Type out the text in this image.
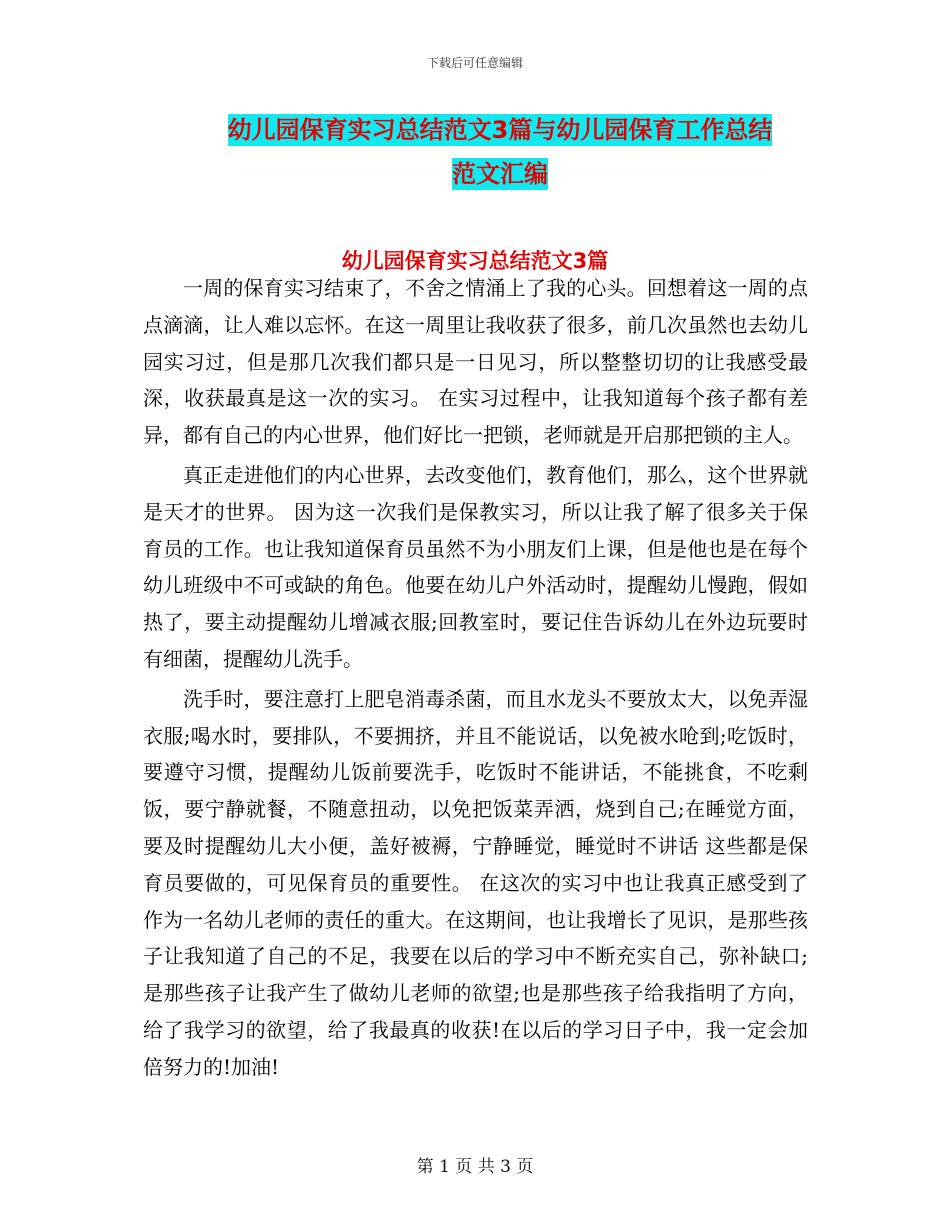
下载后可任意编辑
幼儿园保育实习总结范文3篇与幼儿园保育工作总结
范文汇编
幼儿园保育实习总结范文3篇

一周的保育实习结束了，不舍之情涌上了我的心头。回想着这一周的点点滴滴，让人难以忘怀。在这一周里让我收获了很多，前几次虽然也去幼儿园实习过，但是那几次我们都只是一日见习，所以整整切切的让我感受最深，收获最真是这一次的实习。 在实习过程中，让我知道每个孩子都有差异，都有自己的内心世界，他们好比一把锁，老师就是开启那把锁的主人。

真正走进他们的内心世界，去改变他们，教育他们，那么，这个世界就是天才的世界。 因为这一次我们是保教实习，所以让我了解了很多关于保育员的工作。也让我知道保育员虽然不为小朋友们上课，但是他也是在每个幼儿班级中不可或缺的角色。他要在幼儿户外活动时，提醒幼儿慢跑，假如热了，要主动提醒幼儿增减衣服;回教室时，要记住告诉幼儿在外边玩要时有细菌，提醒幼儿洗手。

洗手时，要注意打上肥皂消毒杀菌，而且水龙头不要放太大，以免弄湿衣服;喝水时，要排队，不要拥挤，并且不能说话，以免被水呛到;吃饭时，要遵守习惯，提醒幼儿饭前要洗手，吃饭时不能讲话，不能挑食，不吃剩饭，要宁静就餐，不随意扭动，以免把饭菜弄洒，烧到自己;在睡觉方面，要及时提醒幼儿大小便，盖好被褥，宁静睡觉，睡觉时不讲话 这些都是保育员要做的，可见保育员的重要性。 在这次的实习中也让我真正感受到了作为一名幼儿老师的责任的重大。在这期间，也让我增长了见识，是那些孩子让我知道了自己的不足，我要在以后的学习中不断充实自己，弥补缺口;是那些孩子让我产生了做幼儿老师的欲望;也是那些孩子给我指明了方向，给了我学习的欲望，给了我最真的收获!在以后的学习日子中，我一定会加倍努力的!加油!

第 1 页 共 3 页
